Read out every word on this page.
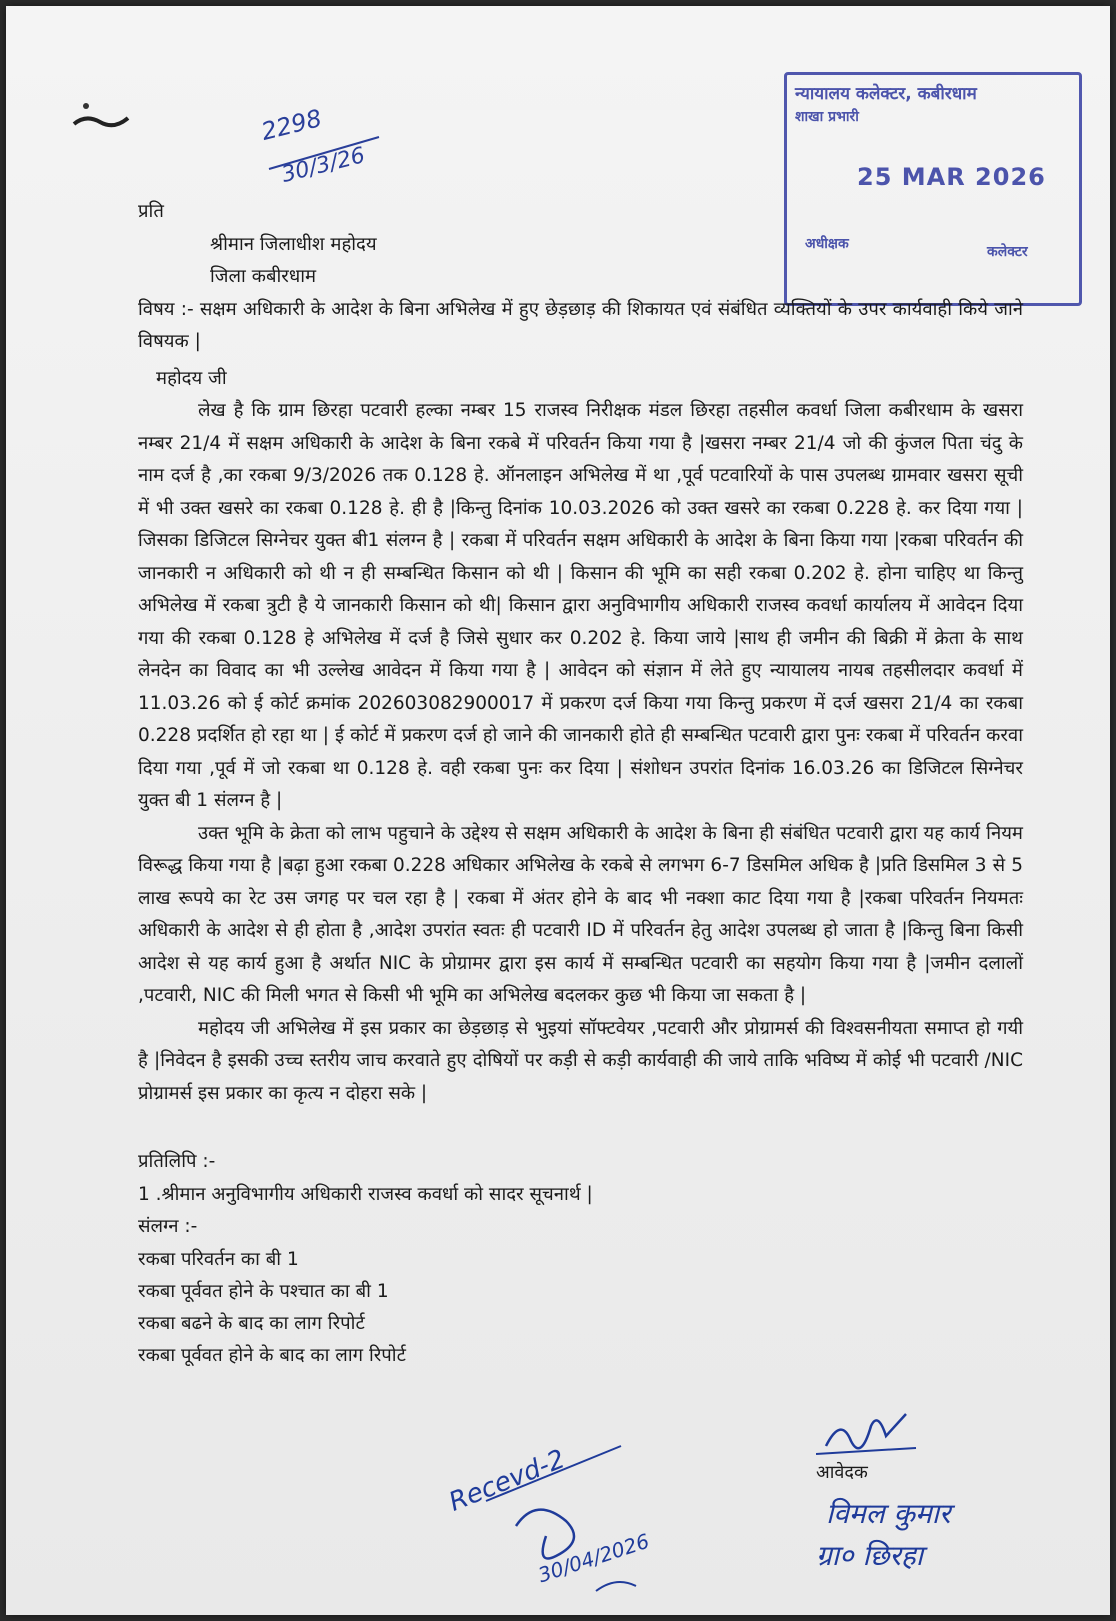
2298
30/3/26
न्यायालय कलेक्टर, कबीरधाम
शाखा प्रभारी
25 MAR 2026
अधीक्षक	कलेक्टर

प्रति

श्रीमान जिलाधीश महोदय

जिला कबीरधाम

विषय :- सक्षम अधिकारी के आदेश के बिना अभिलेख में हुए छेड़छाड़ की शिकायत एवं संबंधित व्यक्तियों के उपर कार्यवाही किये जाने विषयक |

महोदय जी

लेख है कि ग्राम छिरहा पटवारी हल्का नम्बर 15 राजस्व निरीक्षक मंडल छिरहा तहसील कवर्धा जिला कबीरधाम के खसरा नम्बर 21/4 में सक्षम अधिकारी के आदेश के बिना रकबे में परिवर्तन किया गया है |खसरा नम्बर 21/4 जो की कुंजल पिता चंदु के नाम दर्ज है ,का रकबा 9/3/2026 तक 0.128 हे. ऑनलाइन अभिलेख में था ,पूर्व पटवारियों के पास उपलब्ध ग्रामवार खसरा सूची में भी उक्त खसरे का रकबा 0.128 हे. ही है |किन्तु दिनांक 10.03.2026 को उक्त खसरे का रकबा 0.228 हे. कर दिया गया |जिसका डिजिटल सिग्नेचर युक्त बी1 संलग्न है | रकबा में परिवर्तन सक्षम अधिकारी के आदेश के बिना किया गया |रकबा परिवर्तन की जानकारी न अधिकारी को थी न ही सम्बन्धित किसान को थी | किसान की भूमि का सही रकबा 0.202 हे. होना चाहिए था किन्तु अभिलेख में रकबा त्रुटी है ये जानकारी किसान को थी| किसान द्वारा अनुविभागीय अधिकारी राजस्व कवर्धा कार्यालय में आवेदन दिया गया की रकबा 0.128 हे अभिलेख में दर्ज है जिसे सुधार कर 0.202 हे. किया जाये |साथ ही जमीन की बिक्री में क्रेता के साथ लेनदेन का विवाद का भी उल्लेख आवेदन में किया गया है | आवेदन को संज्ञान में लेते हुए न्यायालय नायब तहसीलदार कवर्धा में 11.03.26 को ई कोर्ट क्रमांक 202603082900017 में प्रकरण दर्ज किया गया किन्तु प्रकरण में दर्ज खसरा 21/4 का रकबा 0.228 प्रदर्शित हो रहा था | ई कोर्ट में प्रकरण दर्ज हो जाने की जानकारी होते ही सम्बन्धित पटवारी द्वारा पुनः रकबा में परिवर्तन करवा दिया गया ,पूर्व में जो रकबा था 0.128 हे. वही रकबा पुनः कर दिया | संशोधन उपरांत दिनांक 16.03.26 का डिजिटल सिग्नेचर युक्त बी 1 संलग्न है |

उक्त भूमि के क्रेता को लाभ पहुचाने के उद्देश्य से सक्षम अधिकारी के आदेश के बिना ही संबंधित पटवारी द्वारा यह कार्य नियम विरूद्ध किया गया है |बढ़ा हुआ रकबा 0.228 अधिकार अभिलेख के रकबे से लगभग 6-7 डिसमिल अधिक है |प्रति डिसमिल 3 से 5 लाख रूपये का रेट उस जगह पर चल रहा है | रकबा में अंतर होने के बाद भी नक्शा काट दिया गया है |रकबा परिवर्तन नियमतः अधिकारी के आदेश से ही होता है ,आदेश उपरांत स्वतः ही पटवारी ID में परिवर्तन हेतु आदेश उपलब्ध हो जाता है |किन्तु बिना किसी आदेश से यह कार्य हुआ है अर्थात NIC के प्रोग्रामर द्वारा इस कार्य में सम्बन्धित पटवारी का सहयोग किया गया है |जमीन दलालों ,पटवारी, NIC की मिली भगत से किसी भी भूमि का अभिलेख बदलकर कुछ भी किया जा सकता है |

महोदय जी अभिलेख में इस प्रकार का छेड़छाड़ से भुइयां सॉफ्टवेयर ,पटवारी और प्रोग्रामर्स की विश्वसनीयता समाप्त हो गयी है |निवेदन है इसकी उच्च स्तरीय जाच करवाते हुए दोषियों पर कड़ी से कड़ी कार्यवाही की जाये ताकि भविष्य में कोई भी पटवारी /NIC प्रोग्रामर्स इस प्रकार का कृत्य न दोहरा सके |

प्रतिलिपि :-

1 .श्रीमान अनुविभागीय अधिकारी राजस्व कवर्धा को सादर सूचनार्थ |

संलग्न :-

रकबा परिवर्तन का बी 1

रकबा पूर्ववत होने के पश्चात का बी 1

रकबा बढने के बाद का लाग रिपोर्ट

रकबा पूर्ववत होने के बाद का लाग रिपोर्ट

Recevd-2
30/04/2026
आवेदक
विमल कुमार
ग्रा० छिरहा
